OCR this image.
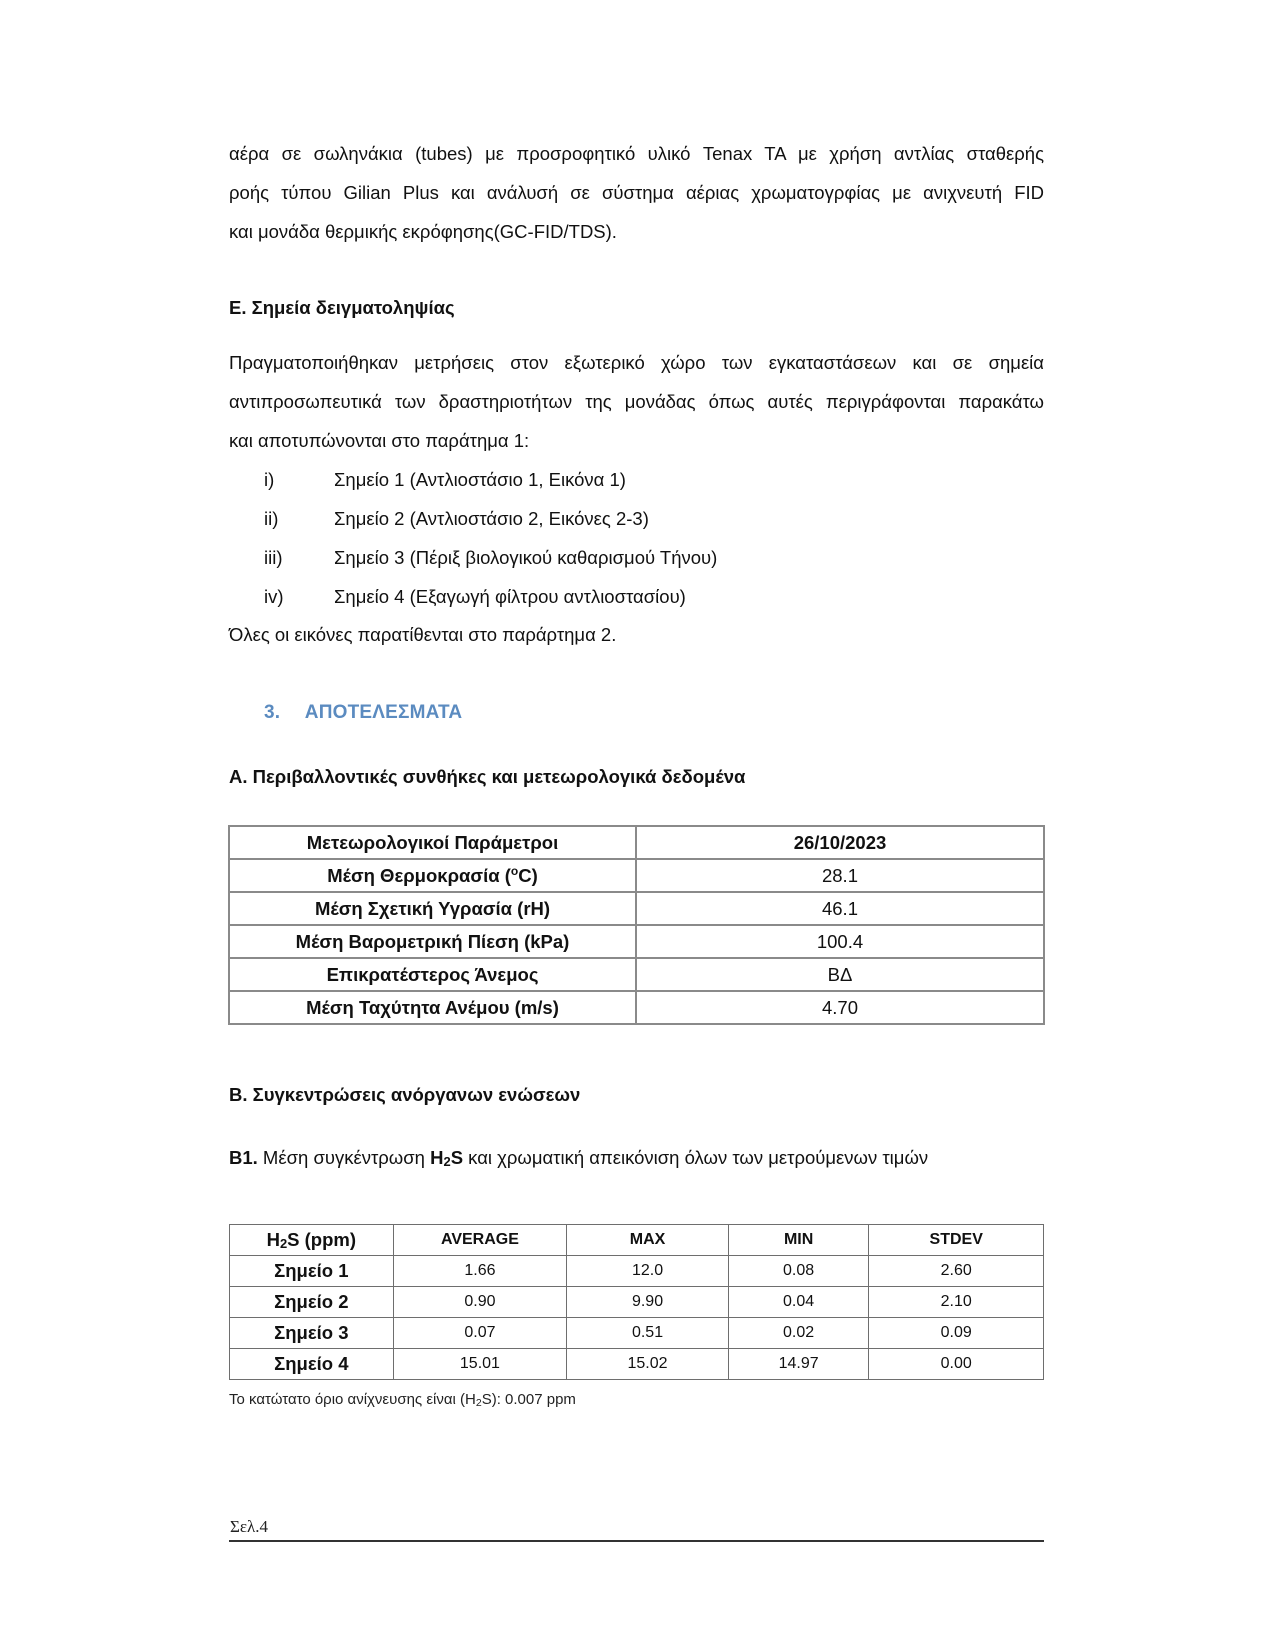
αέρα σε σωληνάκια (tubes) με προσροφητικό υλικό Tenax TA με χρήση αντλίας σταθερής
ροής τύπου Gilian Plus και ανάλυσή σε σύστημα αέριας χρωματογρφίας με ανιχνευτή FID
και μονάδα θερμικής εκρόφησης(GC-FID/TDS).
Ε. Σημεία δειγματοληψίας
Πραγματοποιήθηκαν μετρήσεις στον εξωτερικό χώρο των εγκαταστάσεων και σε σημεία
αντιπροσωπευτικά των δραστηριοτήτων της μονάδας όπως αυτές περιγράφονται παρακάτω
και αποτυπώνονται στο παράτημα 1:
i)	Σημείο 1 (Αντλιοστάσιο 1, Εικόνα 1)
ii)	Σημείο 2 (Αντλιοστάσιο 2, Εικόνες 2-3)
iii)	Σημείο 3 (Πέριξ βιολογικού καθαρισμού Τήνου)
iv)	Σημείο 4 (Εξαγωγή φίλτρου αντλιοστασίου)

Όλες οι εικόνες παρατίθενται στο παράρτημα 2.

3. ΑΠΟΤΕΛΕΣΜΑΤΑ
Α. Περιβαλλοντικές συνθήκες και μετεωρολογικά δεδομένα
Μετεωρολογικοί Παράμετροι	26/10/2023
Μέση Θερμοκρασία ($^o$C)	28.1
Μέση Σχετική Υγρασία (rH)	46.1
Μέση Βαρομετρική Πίεση (kPa)	100.4
Επικρατέστερος Άνεμος	ΒΔ
Μέση Ταχύτητα Ανέμου (m/s)	4.70
Β. Συγκεντρώσεις ανόργανων ενώσεων
Β1. Μέση συγκέντρωση $H_2S$ και χρωματική απεικόνιση όλων των μετρούμενων τιμών
$H_2S$ (ppm)	AVERAGE	MAX	MIN	STDEV
Σημείο 1	1.66	12.0	0.08	2.60
Σημείο 2	0.90	9.90	0.04	2.10
Σημείο 3	0.07	0.51	0.02	0.09
Σημείο 4	15.01	15.02	14.97	0.00
Το κατώτατο όριο ανίχνευσης είναι $(H_2S)$: 0.007 ppm
Σελ.4
